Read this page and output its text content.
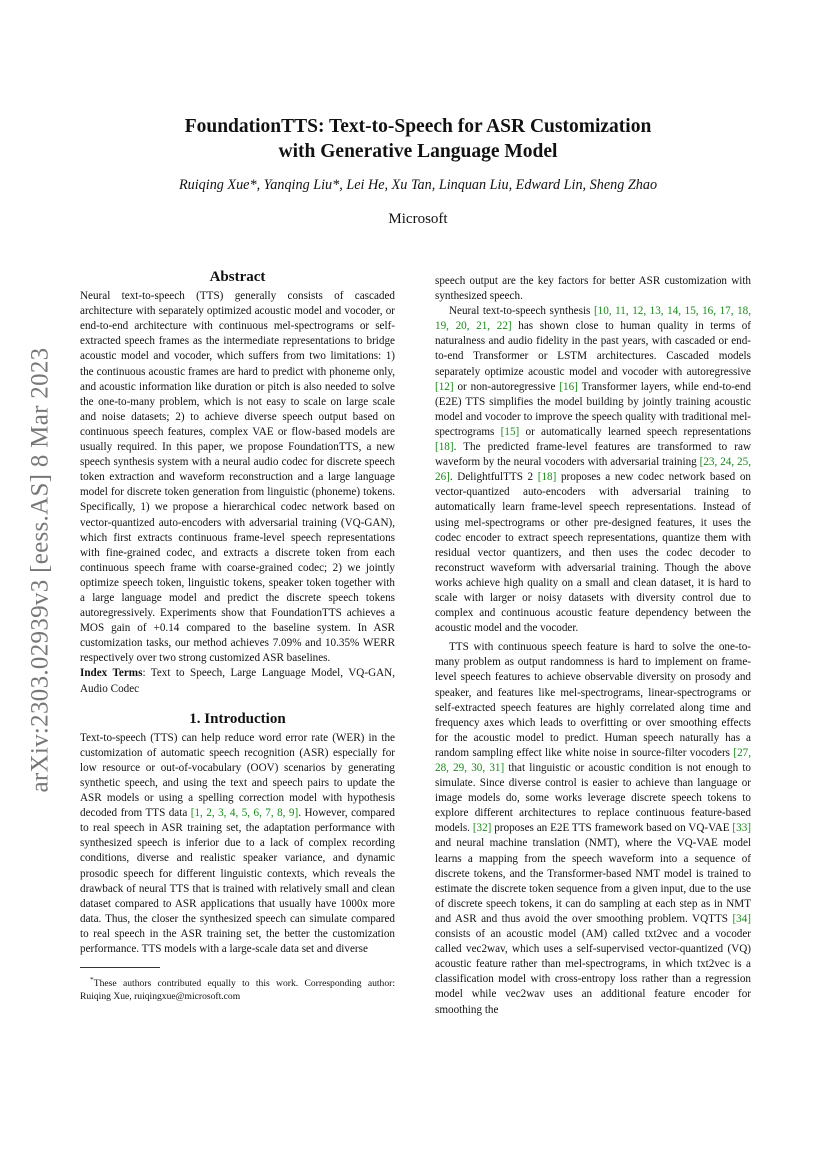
arXiv:2303.02939v3 [eess.AS] 8 Mar 2023
FoundationTTS: Text-to-Speech for ASR Customization
with Generative Language Model
Ruiqing Xue*, Yanqing Liu*, Lei He, Xu Tan, Linquan Liu, Edward Lin, Sheng Zhao
Microsoft
Abstract

Neural text-to-speech (TTS) generally consists of cascaded architecture with separately optimized acoustic model and vocoder, or end-to-end architecture with continuous mel-spectrograms or self-extracted speech frames as the intermediate representations to bridge acoustic model and vocoder, which suffers from two limitations: 1) the continuous acoustic frames are hard to predict with phoneme only, and acoustic information like duration or pitch is also needed to solve the one-to-many problem, which is not easy to scale on large scale and noise datasets; 2) to achieve diverse speech output based on continuous speech features, complex VAE or flow-based models are usually required. In this paper, we propose FoundationTTS, a new speech synthesis system with a neural audio codec for discrete speech token extraction and waveform reconstruction and a large language model for discrete token generation from linguistic (phoneme) tokens. Specifically, 1) we propose a hierarchical codec network based on vector-quantized auto-encoders with adversarial training (VQ-GAN), which first extracts continuous frame-level speech representations with fine-grained codec, and extracts a discrete token from each continuous speech frame with coarse-grained codec; 2) we jointly optimize speech token, linguistic tokens, speaker token together with a large language model and predict the discrete speech tokens autoregressively. Experiments show that FoundationTTS achieves a MOS gain of +0.14 compared to the baseline system. In ASR customization tasks, our method achieves 7.09% and 10.35% WERR respectively over two strong customized ASR baselines.

Index Terms: Text to Speech, Large Language Model, VQ-GAN, Audio Codec

1. Introduction

Text-to-speech (TTS) can help reduce word error rate (WER) in the customization of automatic speech recognition (ASR) especially for low resource or out-of-vocabulary (OOV) scenarios by generating synthetic speech, and using the text and speech pairs to update the ASR models or using a spelling correction model with hypothesis decoded from TTS data [1, 2, 3, 4, 5, 6, 7, 8, 9]. However, compared to real speech in ASR training set, the adaptation performance with synthesized speech is inferior due to a lack of complex recording conditions, diverse and realistic speaker variance, and dynamic prosodic speech for different linguistic contexts, which reveals the drawback of neural TTS that is trained with relatively small and clean dataset compared to ASR applications that usually have 1000x more data. Thus, the closer the synthesized speech can simulate compared to real speech in the ASR training set, the better the customization performance. TTS models with a large-scale data set and diverse

*These authors contributed equally to this work. Corresponding author: Ruiqing Xue, ruiqingxue@microsoft.com

speech output are the key factors for better ASR customization with synthesized speech.

Neural text-to-speech synthesis [10, 11, 12, 13, 14, 15, 16, 17, 18, 19, 20, 21, 22] has shown close to human quality in terms of naturalness and audio fidelity in the past years, with cascaded or end-to-end Transformer or LSTM architectures. Cascaded models separately optimize acoustic model and vocoder with autoregressive [12] or non-autoregressive [16] Transformer layers, while end-to-end (E2E) TTS simplifies the model building by jointly training acoustic model and vocoder to improve the speech quality with traditional mel-spectrograms [15] or automatically learned speech representations [18]. The predicted frame-level features are transformed to raw waveform by the neural vocoders with adversarial training [23, 24, 25, 26]. DelightfulTTS 2 [18] proposes a new codec network based on vector-quantized auto-encoders with adversarial training to automatically learn frame-level speech representations. Instead of using mel-spectrograms or other pre-designed features, it uses the codec encoder to extract speech representations, quantize them with residual vector quantizers, and then uses the codec decoder to reconstruct waveform with adversarial training. Though the above works achieve high quality on a small and clean dataset, it is hard to scale with larger or noisy datasets with diversity control due to complex and continuous acoustic feature dependency between the acoustic model and the vocoder.

TTS with continuous speech feature is hard to solve the one-to-many problem as output randomness is hard to implement on frame-level speech features to achieve observable diversity on prosody and speaker, and features like mel-spectrograms, linear-spectrograms or self-extracted speech features are highly correlated along time and frequency axes which leads to overfitting or over smoothing effects for the acoustic model to predict. Human speech naturally has a random sampling effect like white noise in source-filter vocoders [27, 28, 29, 30, 31] that linguistic or acoustic condition is not enough to simulate. Since diverse control is easier to achieve than language or image models do, some works leverage discrete speech tokens to explore different architectures to replace continuous feature-based models. [32] proposes an E2E TTS framework based on VQ-VAE [33] and neural machine translation (NMT), where the VQ-VAE model learns a mapping from the speech waveform into a sequence of discrete tokens, and the Transformer-based NMT model is trained to estimate the discrete token sequence from a given input, due to the use of discrete speech tokens, it can do sampling at each step as in NMT and ASR and thus avoid the over smoothing problem. VQTTS [34] consists of an acoustic model (AM) called txt2vec and a vocoder called vec2wav, which uses a self-supervised vector-quantized (VQ) acoustic feature rather than mel-spectrograms, in which txt2vec is a classification model with cross-entropy loss rather than a regression model while vec2wav uses an additional feature encoder for smoothing the
